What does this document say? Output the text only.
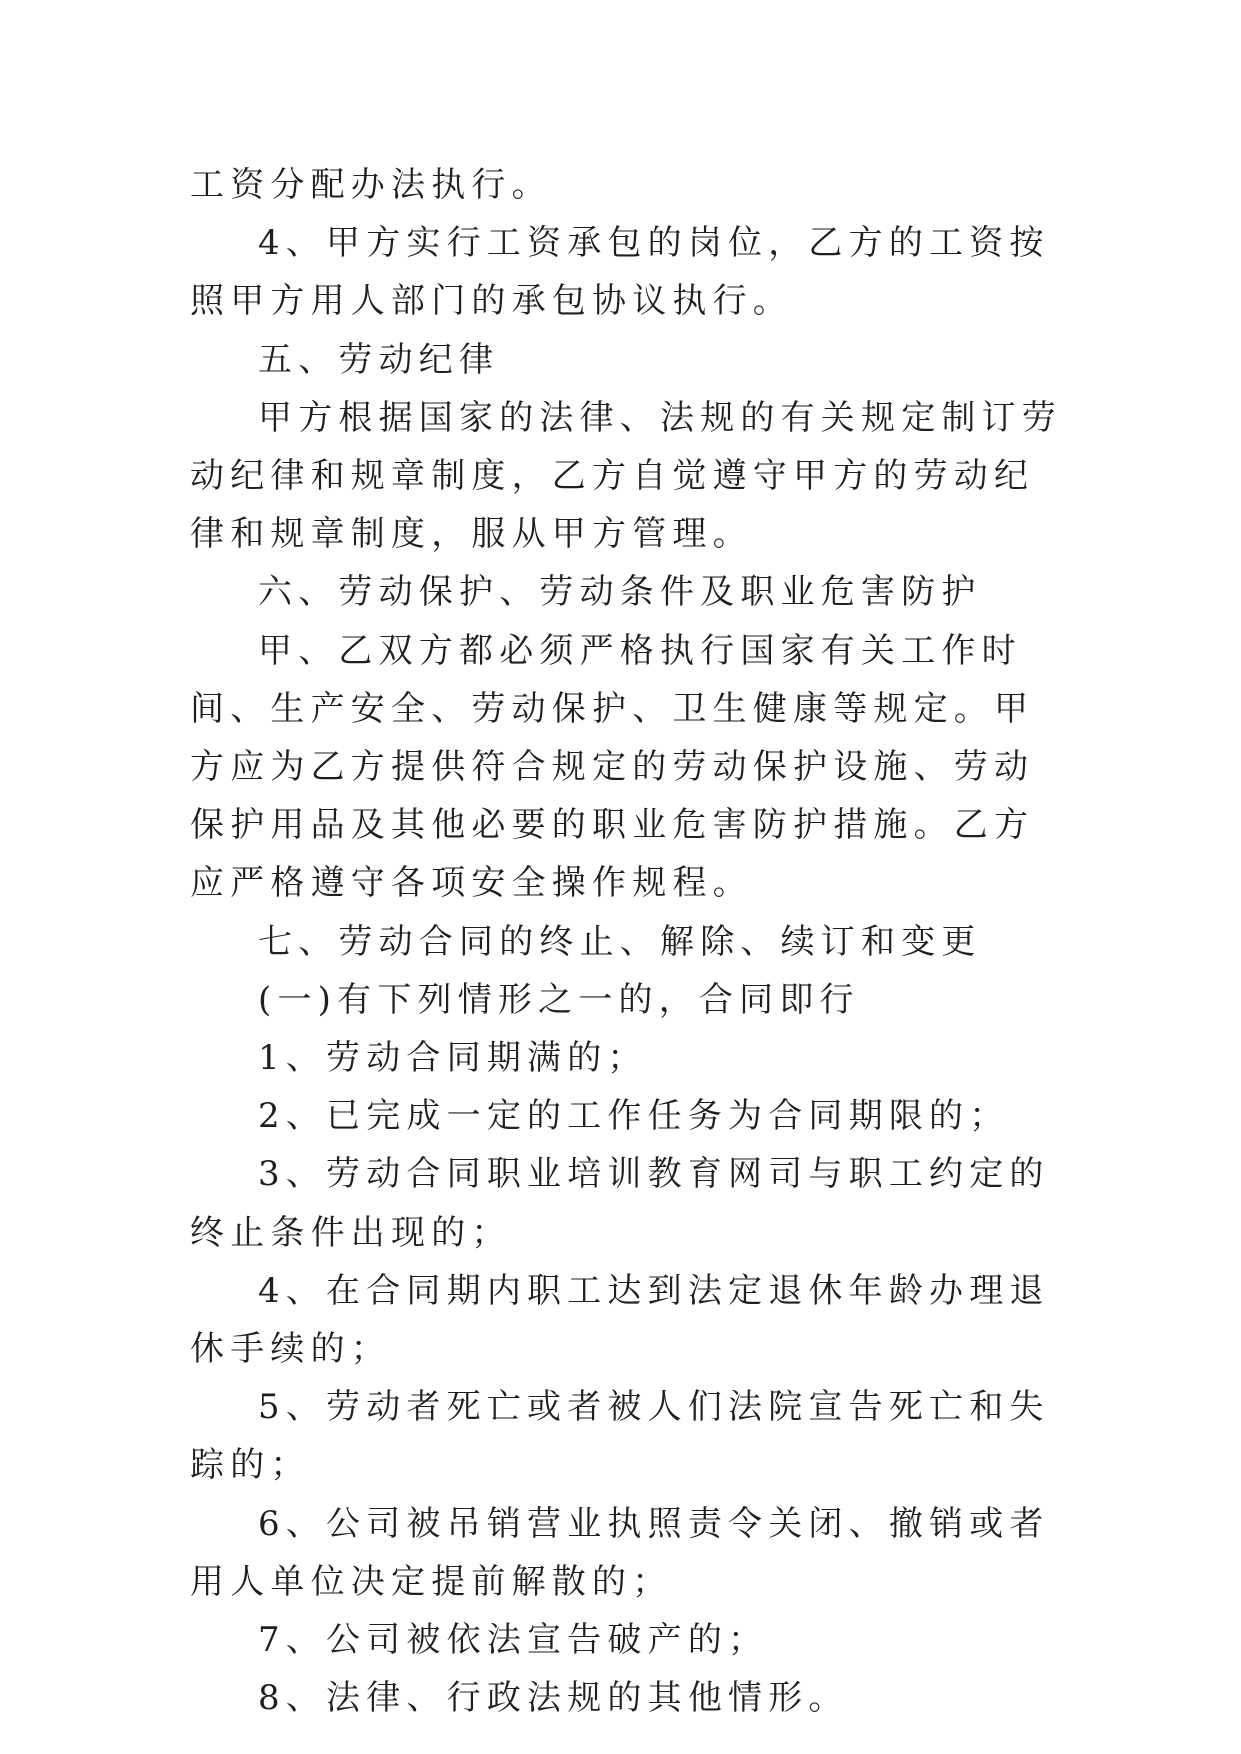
工资分配办法执行。

4、甲方实行工资承包的岗位，乙方的工资按照甲方用人部门的承包协议执行。

五、劳动纪律

甲方根据国家的法律、法规的有关规定制订劳动纪律和规章制度，乙方自觉遵守甲方的劳动纪律和规章制度，服从甲方管理。

六、劳动保护、劳动条件及职业危害防护

甲、乙双方都必须严格执行国家有关工作时间、生产安全、劳动保护、卫生健康等规定。甲方应为乙方提供符合规定的劳动保护设施、劳动保护用品及其他必要的职业危害防护措施。乙方应严格遵守各项安全操作规程。

七、劳动合同的终止、解除、续订和变更

(一)有下列情形之一的，合同即行

1、劳动合同期满的；

2、已完成一定的工作任务为合同期限的；

3、劳动合同职业培训教育网司与职工约定的终止条件出现的；

4、在合同期内职工达到法定退休年龄办理退休手续的；

5、劳动者死亡或者被人们法院宣告死亡和失踪的；

6、公司被吊销营业执照责令关闭、撤销或者用人单位决定提前解散的；

7、公司被依法宣告破产的；

8、法律、行政法规的其他情形。
